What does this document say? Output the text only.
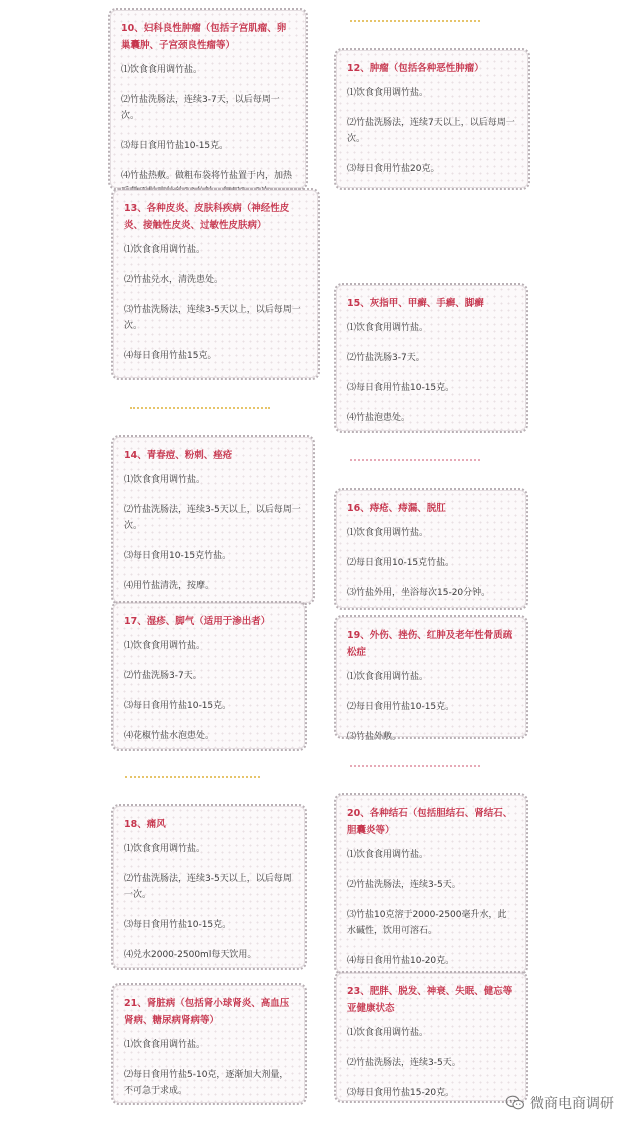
10、妇科良性肿瘤（包括子宫肌瘤、卵巢囊肿、子宫颈良性瘤等）
⑴饮食食用调竹盐。
⑵竹盐洗肠法，连续3-7天，以后每周一次。
⑶每日食用竹盐10-15克。
⑷竹盐热敷。做粗布袋将竹盐置于内，加热
12、肿瘤（包括各种恶性肿瘤）
⑴饮食食用调竹盐。
⑵竹盐洗肠法，连续7天以上，以后每周一次。
⑶每日食用竹盐20克。
13、各种皮炎、皮肤科疾病（神经性皮炎、接触性皮炎、过敏性皮肤病）
⑴饮食食用调竹盐。
⑵竹盐兑水，清洗患处。
⑶竹盐洗肠法，连续3-5天以上，以后每周一次。
⑷每日食用竹盐15克。
15、灰指甲、甲癣、手癣、脚癣
⑴饮食食用调竹盐。
⑵竹盐洗肠3-7天。
⑶每日食用竹盐10-15克。
⑷竹盐泡患处。
14、青春痘、粉刺、痤疮
⑴饮食食用调竹盐。
⑵竹盐洗肠法，连续3-5天以上，以后每周一次。
⑶每日食用10-15克竹盐。
⑷用竹盐清洗，按摩。
16、痔疮、痔漏、脱肛
⑴饮食食用调竹盐。
⑵每日食用10-15克竹盐。
⑶竹盐外用，坐浴每次15-20分钟。
17、湿疹、脚气（适用于渗出者）
⑴饮食食用调竹盐。
⑵竹盐洗肠3-7天。
⑶每日食用竹盐10-15克。
⑷花椒竹盐水泡患处。
19、外伤、挫伤、红肿及老年性骨质疏松症
⑴饮食食用调竹盐。
⑵每日食用竹盐10-15克。
⑶竹盐外敷。
18、痛风
⑴饮食食用调竹盐。
⑵竹盐洗肠法，连续3-5天以上，以后每周一次。
⑶每日食用竹盐10-15克。
⑷兑水2000-2500ml每天饮用。
20、各种结石（包括胆结石、肾结石、胆囊炎等）
⑴饮食食用调竹盐。
⑵竹盐洗肠法，连续3-5天。
⑶竹盐10克溶于2000-2500毫升水，此水碱性，饮用可溶石。
⑷每日食用竹盐10-20克。
21、肾脏病（包括肾小球肾炎、高血压肾病、糖尿病肾病等）
⑴饮食食用调竹盐。
⑵每日食用竹盐5-10克，逐渐加大剂量，不可急于求成。
23、肥胖、脱发、神衰、失眠、健忘等亚健康状态
⑴饮食食用调竹盐。
⑵竹盐洗肠法，连续3-5天。
⑶每日食用竹盐15-20克。
微商电商调研
